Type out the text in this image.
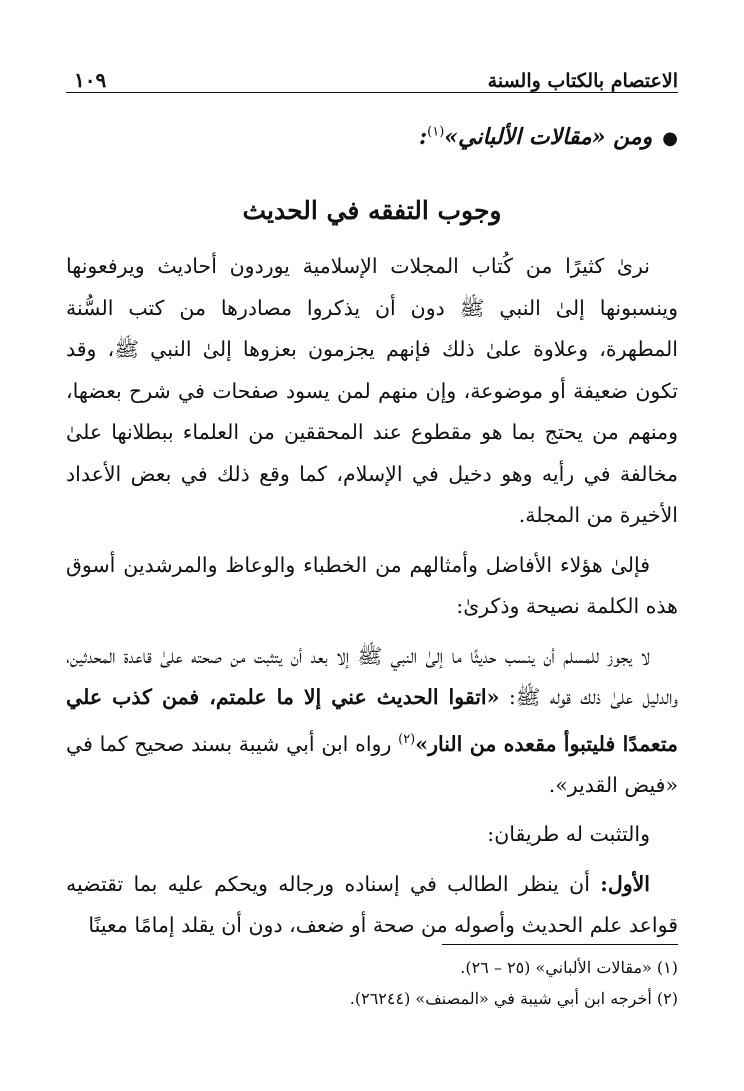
الاعتصام بالكتاب والسنة
١٠٩
●ومن «مقالات الألباني»$^{(١)}$:
وجوب التفقه في الحديث

نرىٰ كثيرًا من كُتاب المجلات الإسلامية يوردون أحاديث ويرفعونها وينسبونها إلىٰ النبي ﷺ دون أن يذكروا مصادرها من كتب السُّنة المطهرة، وعلاوة علىٰ ذلك فإنهم يجزمون بعزوها إلىٰ النبي ﷺ، وقد تكون ضعيفة أو موضوعة، وإن منهم لمن يسود صفحات في شرح بعضها، ومنهم من يحتج بما هو مقطوع عند المحققين من العلماء ببطلانها علىٰ مخالفة في رأيه وهو دخيل في الإسلام، كما وقع ذلك في بعض الأعداد الأخيرة من المجلة.

فإلىٰ هؤلاء الأفاضل وأمثالهم من الخطباء والوعاظ والمرشدين أسوق هذه الكلمة نصيحة وذكرىٰ:

لا يجوز للمسلم أن ينسب حديثًا ما إلىٰ النبي ﷺ إلا بعد أن يتثبت من صحته علىٰ قاعدة المحدثين، والدليل علىٰ ذلك قوله ﷺ: «اتقوا الحديث عني إلا ما علمتم، فمن كذب علي متعمدًا فليتبوأ مقعده من النار»$^{(٢)}$ رواه ابن أبي شيبة بسند صحيح كما في «فيض القدير».

والتثبت له طريقان:

الأول: أن ينظر الطالب في إسناده ورجاله ويحكم عليه بما تقتضيه قواعد علم الحديث وأصوله من صحة أو ضعف، دون أن يقلد إمامًا معينًا

(١) «مقالات الألباني» (٢٥ – ٢٦).
(٢) أخرجه ابن أبي شيبة في «المصنف» (٢٦٢٤٤).
